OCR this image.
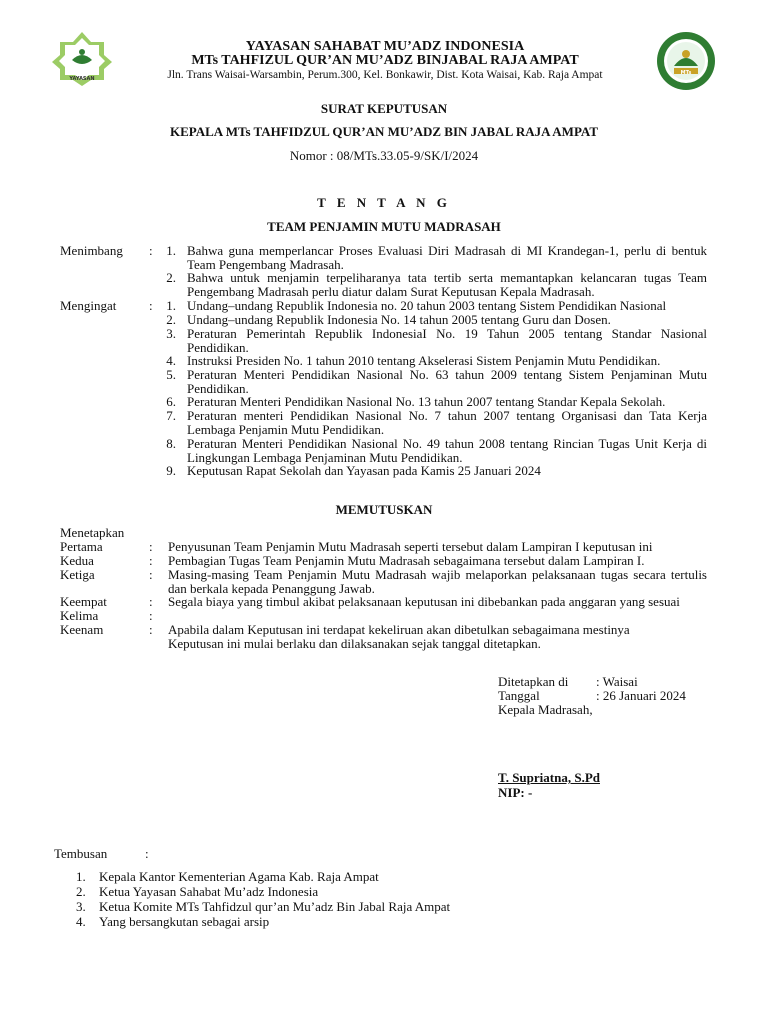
YAYASAN
MTs
YAYASAN SAHABAT MU’ADZ INDONESIA
MTs TAHFIZUL QUR’AN MU’ADZ BINJABAL RAJA AMPAT
Jln. Trans Waisai-Warsambin, Perum.300, Kel. Bonkawir, Dist. Kota Waisai, Kab. Raja Ampat
SURAT KEPUTUSAN
KEPALA MTs TAHFIDZUL QUR’AN MU’ADZ BIN JABAL RAJA AMPAT
Nomor : 08/MTs.33.05-9/SK/I/2024
T E N T A N G
TEAM PENJAMIN MUTU MADRASAH
Menimbang :	1. Bahwa guna memperlancar Proses Evaluasi Diri Madrasah di MI Krandegan-1, perlu di bentuk Team Pengembang Madrasah.
2. Bahwa untuk menjamin terpeliharanya tata tertib serta memantapkan kelancaran tugas Team Pengembang Madrasah perlu diatur dalam Surat Keputusan Kepala Madrasah.
Mengingat	:	1. Undang–undang Republik Indonesia no. 20 tahun 2003 tentang Sistem Pendidikan Nasional
2. Undang–undang Republik Indonesia No. 14 tahun 2005 tentang Guru dan Dosen.
3. Peraturan Pemerintah Republik IndonesiaI No. 19 Tahun 2005 tentang Standar Nasional Pendidikan.
4. Instruksi Presiden No. 1 tahun 2010 tentang Akselerasi Sistem Penjamin Mutu Pendidikan.
5. Peraturan Menteri Pendidikan Nasional No. 63 tahun 2009 tentang Sistem Penjaminan Mutu Pendidikan.
6. Peraturan Menteri Pendidikan Nasional No. 13 tahun 2007 tentang Standar Kepala Sekolah.
7. Peraturan menteri Pendidikan Nasional No. 7 tahun 2007 tentang Organisasi dan Tata Kerja Lembaga Penjamin Mutu Pendidikan.
8. Peraturan Menteri Pendidikan Nasional No. 49 tahun 2008 tentang Rincian Tugas Unit Kerja di Lingkungan Lembaga Penjaminan Mutu Pendidikan.
9. Keputusan Rapat Sekolah dan Yayasan pada Kamis 25 Januari 2024
MEMUTUSKAN
Menetapkan
Pertama	: Penyusunan Team Penjamin Mutu Madrasah seperti tersebut dalam Lampiran I keputusan ini
Kedua	: Pembagian Tugas Team Penjamin Mutu Madrasah sebagaimana tersebut dalam Lampiran I.
Ketiga	: Masing-masing Team Penjamin Mutu Madrasah wajib melaporkan pelaksanaan tugas secara tertulis dan berkala kepada Penanggung Jawab.
Keempat	: Segala biaya yang timbul akibat pelaksanaan keputusan ini dibebankan pada anggaran yang sesuai
Kelima	:
Keenam	: Apabila dalam Keputusan ini terdapat kekeliruan akan dibetulkan sebagaimana mestinya
Keputusan ini mulai berlaku dan dilaksanakan sejak tanggal ditetapkan.
Ditetapkan di : Waisai
Tanggal	: 26 Januari 2024
Kepala Madrasah,
T. Supriatna, S.Pd
NIP: -
Tembusan	:
1. Kepala Kantor Kementerian Agama Kab. Raja Ampat
2. Ketua Yayasan Sahabat Mu’adz Indonesia
3. Ketua Komite MTs Tahfidzul qur’an Mu’adz Bin Jabal Raja Ampat
4. Yang bersangkutan sebagai arsip
